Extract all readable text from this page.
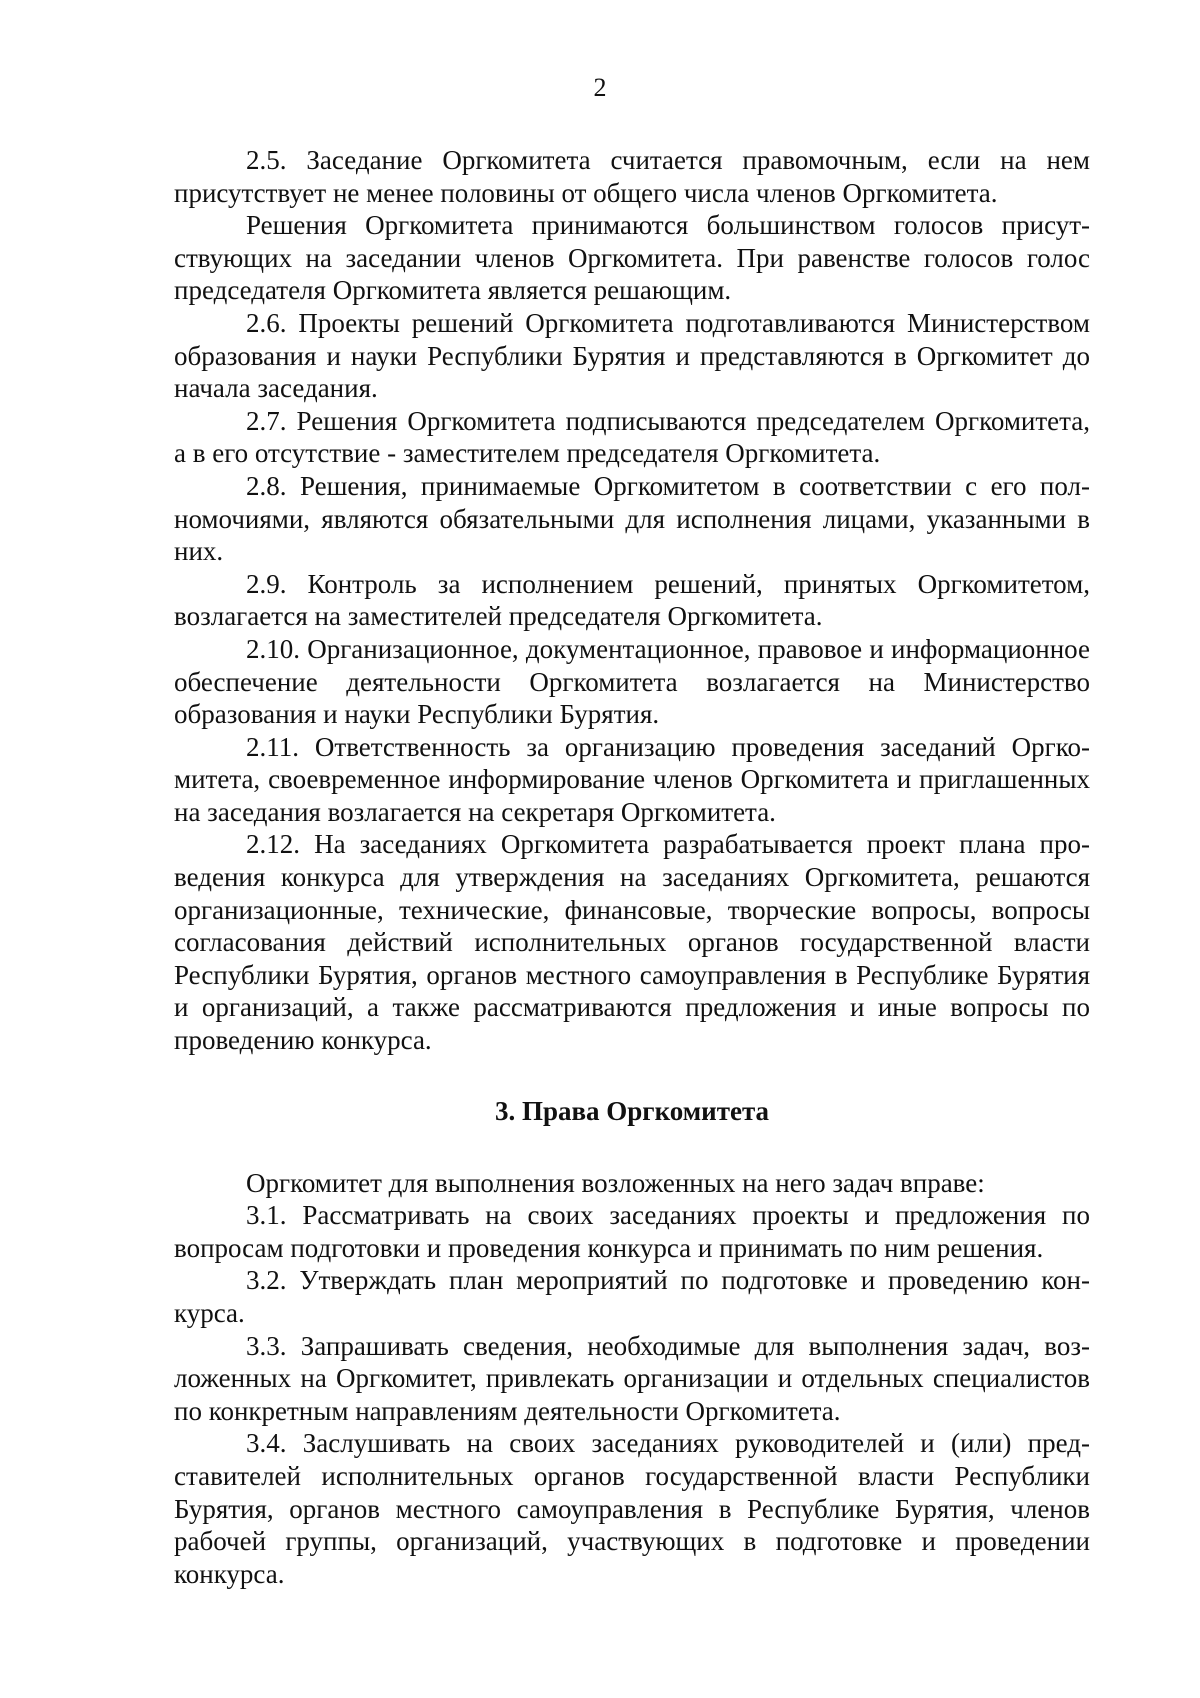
2

2.5. Заседание Оргкомитета считается правомочным, если на нем присутствует не менее половины от общего числа членов Оргкомитета.

Решения Оргкомитета принимаются большинством голосов присутствующих на заседании членов Оргкомитета. При равенстве голосов голос председателя Оргкомитета является решающим.

2.6. Проекты решений Оргкомитета подготавливаются Министерством образования и науки Республики Бурятия и представляются в Оргкомитет до начала заседания.

2.7. Решения Оргкомитета подписываются председателем Оргкомитета, а в его отсутствие - заместителем председателя Оргкомитета.

2.8. Решения, принимаемые Оргкомитетом в соответствии с его полномочиями, являются обязательными для исполнения лицами, указанными в них.

2.9. Контроль за исполнением решений, принятых Оргкомитетом, возлагается на заместителей председателя Оргкомитета.

2.10. Организационное, документационное, правовое и информационное обеспечение деятельности Оргкомитета возлагается на Министерство образования и науки Республики Бурятия.

2.11. Ответственность за организацию проведения заседаний Оргкомитета, своевременное информирование членов Оргкомитета и приглашенных на заседания возлагается на секретаря Оргкомитета.

2.12. На заседаниях Оргкомитета разрабатывается проект плана проведения конкурса для утверждения на заседаниях Оргкомитета, решаются организационные, технические, финансовые, творческие вопросы, вопросы согласования действий исполнительных органов государственной власти Республики Бурятия, органов местного самоуправления в Республике Бурятия и организаций, а также рассматриваются предложения и иные вопросы по проведению конкурса.

3. Права Оргкомитета

Оргкомитет для выполнения возложенных на него задач вправе:

3.1. Рассматривать на своих заседаниях проекты и предложения по вопросам подготовки и проведения конкурса и принимать по ним решения.

3.2. Утверждать план мероприятий по подготовке и проведению конкурса.

3.3. Запрашивать сведения, необходимые для выполнения задач, возложенных на Оргкомитет, привлекать организации и отдельных специалистов по конкретным направлениям деятельности Оргкомитета.

3.4. Заслушивать на своих заседаниях руководителей и (или) представителей исполнительных органов государственной власти Республики Бурятия, органов местного самоуправления в Республике Бурятия, членов рабочей группы, организаций, участвующих в подготовке и проведении конкурса.
